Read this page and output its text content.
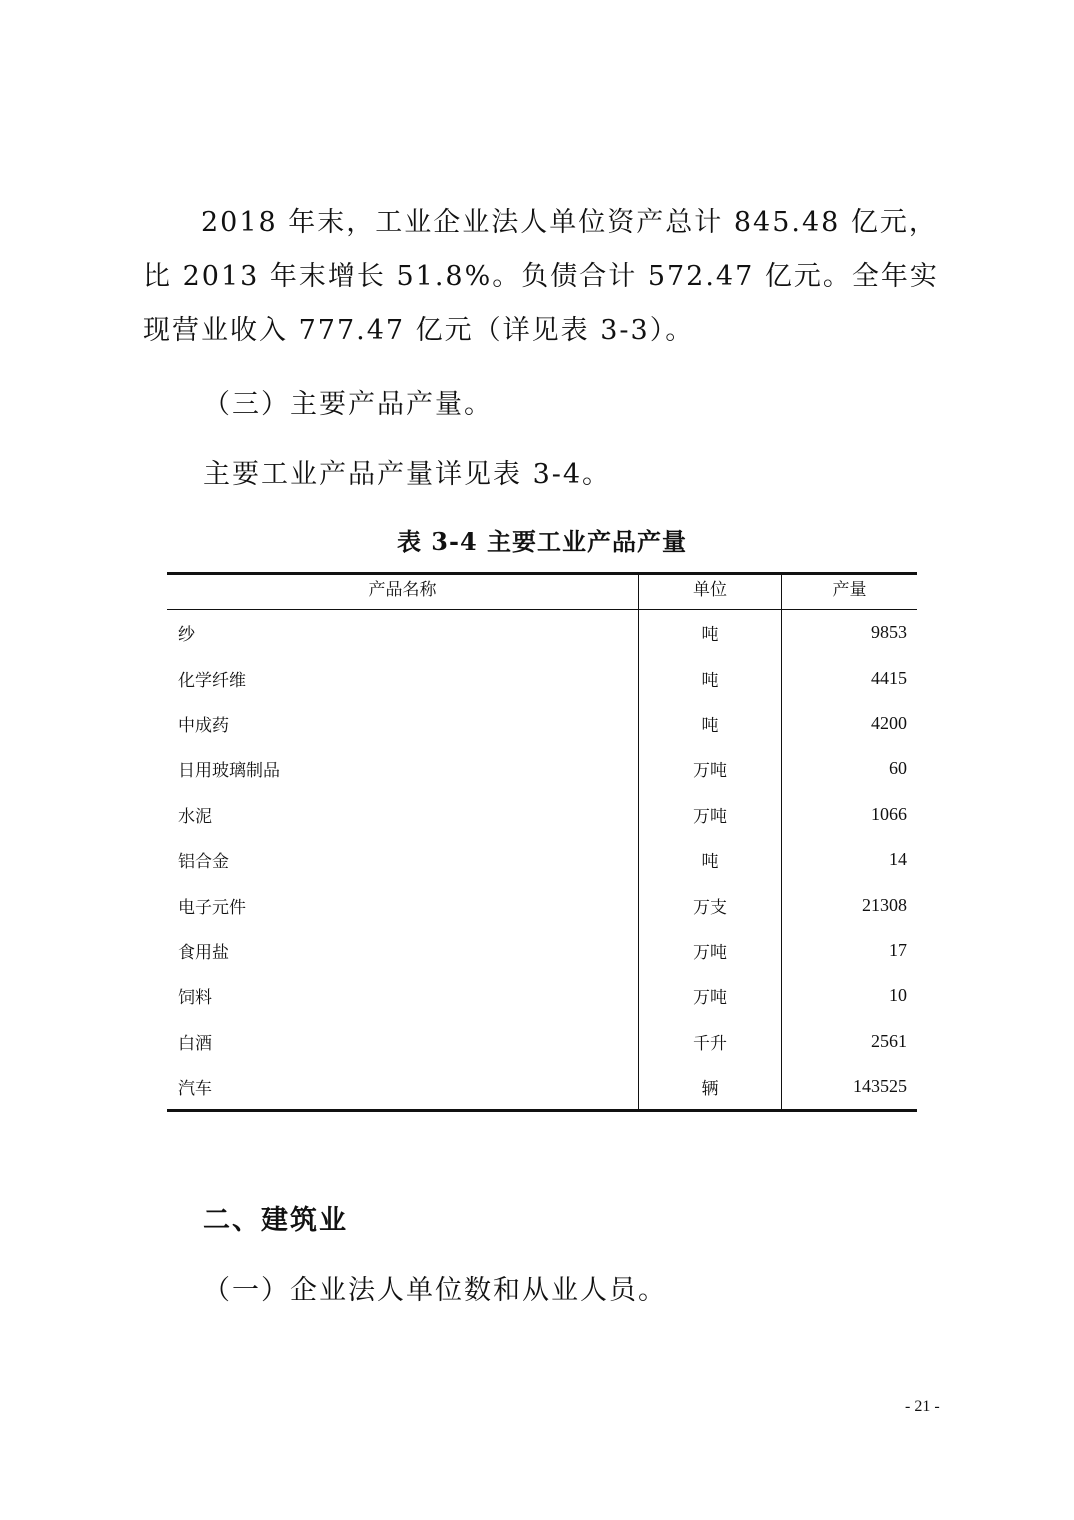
2018 年末，工业企业法人单位资产总计 845.48 亿元，比 2013 年末增长 51.8%。负债合计 572.47 亿元。全年实现营业收入 777.47 亿元（详见表 3-3）。
（三）主要产品产量。
主要工业产品产量详见表 3-4。
表 3-4 主要工业产品产量
产品名称	单位	产量
纱	吨	9853
化学纤维	吨	4415
中成药	吨	4200
日用玻璃制品	万吨	60
水泥	万吨	1066
铝合金	吨	14
电子元件	万支	21308
食用盐	万吨	17
饲料	万吨	10
白酒	千升	2561
汽车	辆	143525
二、建筑业
（一）企业法人单位数和从业人员。
- 21 -
